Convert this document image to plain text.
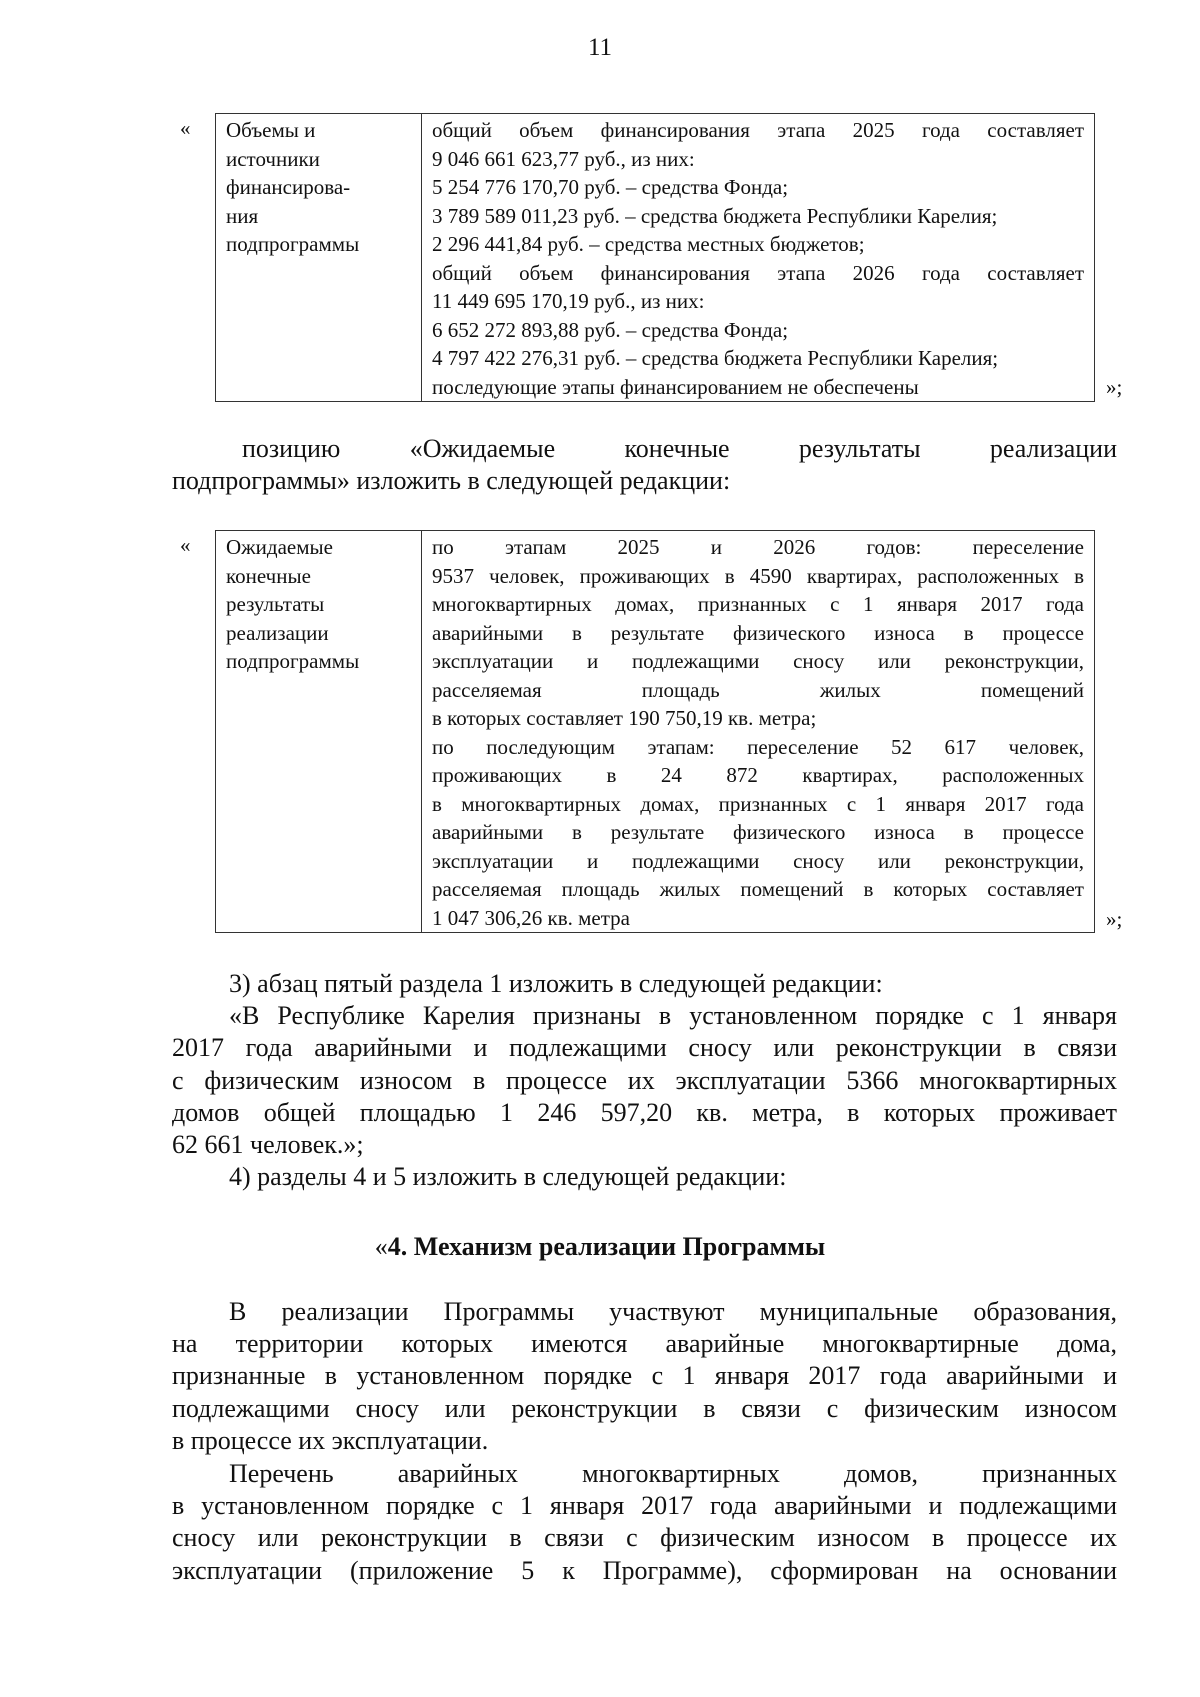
11
« Объемы и
источники
финансирова-
ния
подпрограммы

общий объем финансирования этапа 2025 года составляет
9 046 661 623,77 руб., из них:
5 254 776 170,70 руб. – средства Фонда;
3 789 589 011,23 руб. – средства бюджета Республики Карелия;
2 296 441,84 руб. – средства местных бюджетов;
общий объем финансирования этапа 2026 года составляет
11 449 695 170,19 руб., из них:
6 652 272 893,88 руб. – средства Фонда;
4 797 422 276,31 руб. – средства бюджета Республики Карелия;
последующие этапы финансированием не обеспечены	»;
позицию «Ожидаемые конечные результаты реализации
подпрограммы» изложить в следующей редакции:
« Ожидаемые
конечные
результаты
реализации
подпрограммы

по этапам 2025 и 2026 годов: переселение
9537 человек, проживающих в 4590 квартирах, расположенных в
многоквартирных домах, признанных с 1 января 2017 года
аварийными в результате физического износа в процессе
эксплуатации и подлежащими сносу или реконструкции,
расселяемая площадь жилых помещений
в которых составляет 190 750,19 кв. метра;
по последующим этапам: переселение 52 617 человек,
проживающих в 24 872 квартирах, расположенных
в многоквартирных домах, признанных с 1 января 2017 года
аварийными в результате физического износа в процессе
эксплуатации и подлежащими сносу или реконструкции,
расселяемая площадь жилых помещений в которых составляет
1 047 306,26 кв. метра	»;
3) абзац пятый раздела 1 изложить в следующей редакции:
«В Республике Карелия признаны в установленном порядке с 1 января
2017 года аварийными и подлежащими сносу или реконструкции в связи
с физическим износом в процессе их эксплуатации 5366 многоквартирных
домов общей площадью 1 246 597,20 кв. метра, в которых проживает
62 661 человек.»;
4) разделы 4 и 5 изложить в следующей редакции:
«4. Механизм реализации Программы
В реализации Программы участвуют муниципальные образования,
на территории которых имеются аварийные многоквартирные дома,
признанные в установленном порядке с 1 января 2017 года аварийными и
подлежащими сносу или реконструкции в связи с физическим износом
в процессе их эксплуатации.
Перечень аварийных многоквартирных домов, признанных
в установленном порядке с 1 января 2017 года аварийными и подлежащими
сносу или реконструкции в связи с физическим износом в процессе их
эксплуатации (приложение 5 к Программе), сформирован на основании
